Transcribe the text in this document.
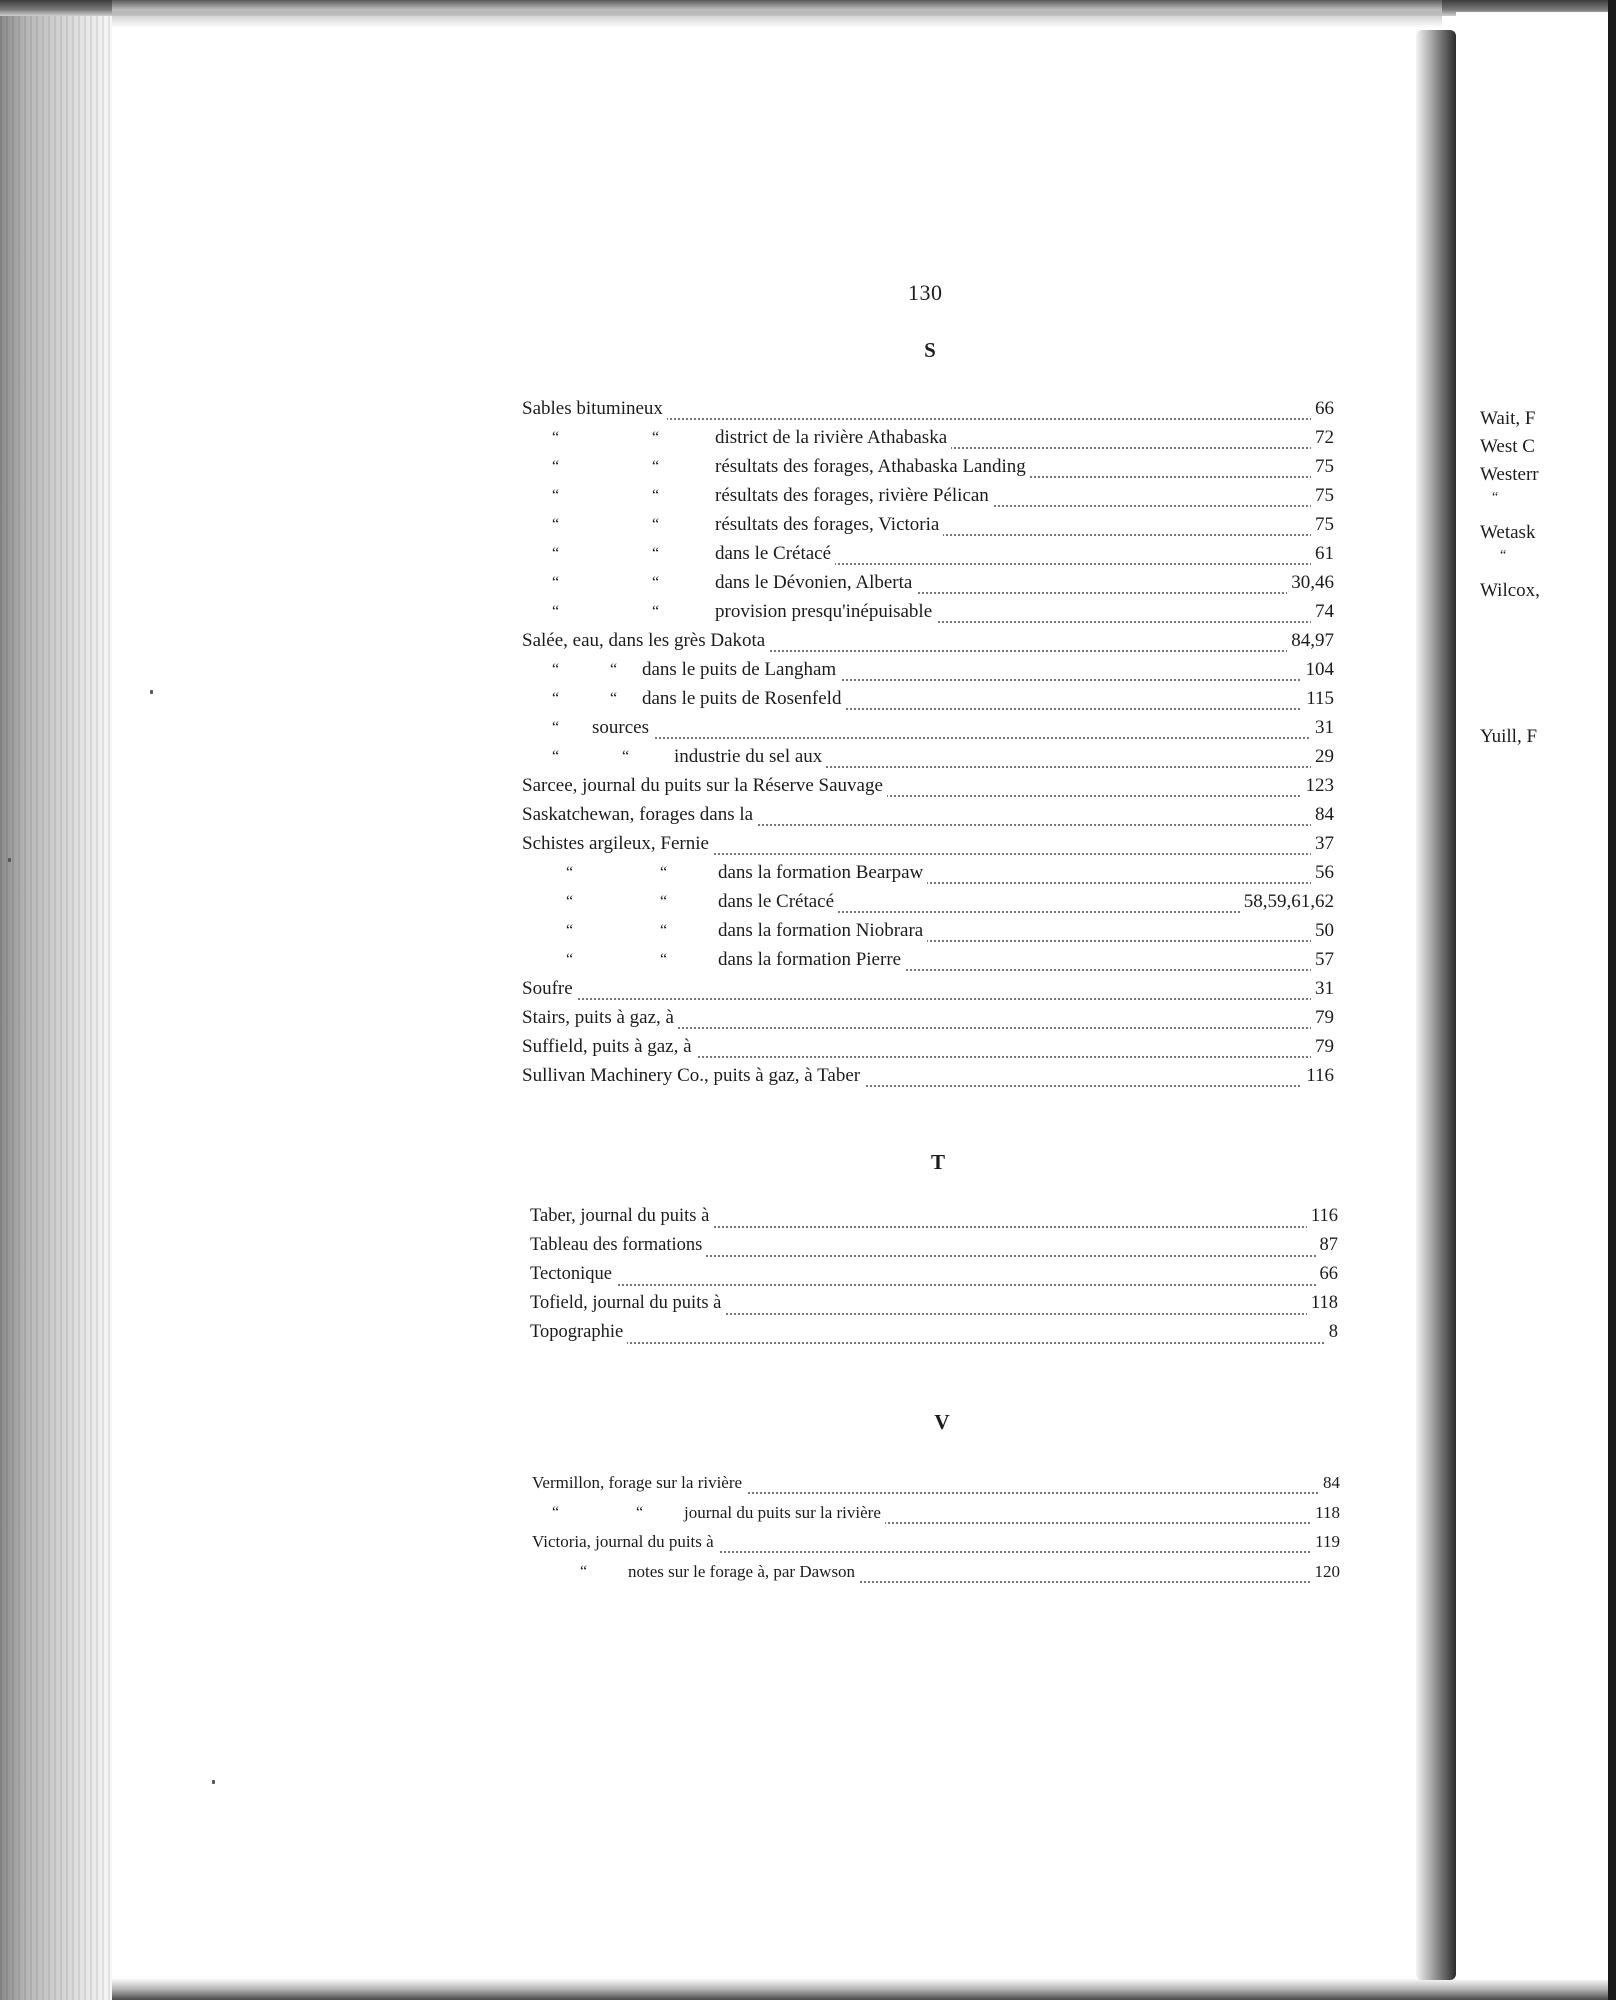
Wait, F
West C
Westerr
“
Wetask
“
Wilcox,
Yuill, F
130
S
Sables bitumineux	66
“	“	district de la rivière Athabaska	72
“	“	résultats des forages, Athabaska Landing	75
“	“	résultats des forages, rivière Pélican	75
“	“	résultats des forages, Victoria	75
“	“	dans le Crétacé	61
“	“	dans le Dévonien, Alberta	30,46
“	“	provision presqu'inépuisable	74
Salée, eau, dans les grès Dakota	84,97
“	“ dans le puits de Langham	104
“	“ dans le puits de Rosenfeld	115
“ sources	31
“	“ industrie du sel aux	29
Sarcee, journal du puits sur la Réserve Sauvage	123
Saskatchewan, forages dans la	84
Schistes argileux, Fernie	37
“	“	dans la formation Bearpaw	56
“	“	dans le Crétacé	58,59,61,62
“	“	dans la formation Niobrara	50
“	“	dans la formation Pierre	57
Soufre	31
Stairs, puits à gaz, à	79
Suffield, puits à gaz, à	79
Sullivan Machinery Co., puits à gaz, à Taber	116
T
Taber, journal du puits à	116
Tableau des formations	87
Tectonique	66
Tofield, journal du puits à	118
Topographie	8
V
Vermillon, forage sur la rivière	84
“	“ journal du puits sur la rivière	118
Victoria, journal du puits à	119
“ notes sur le forage à, par Dawson	120
